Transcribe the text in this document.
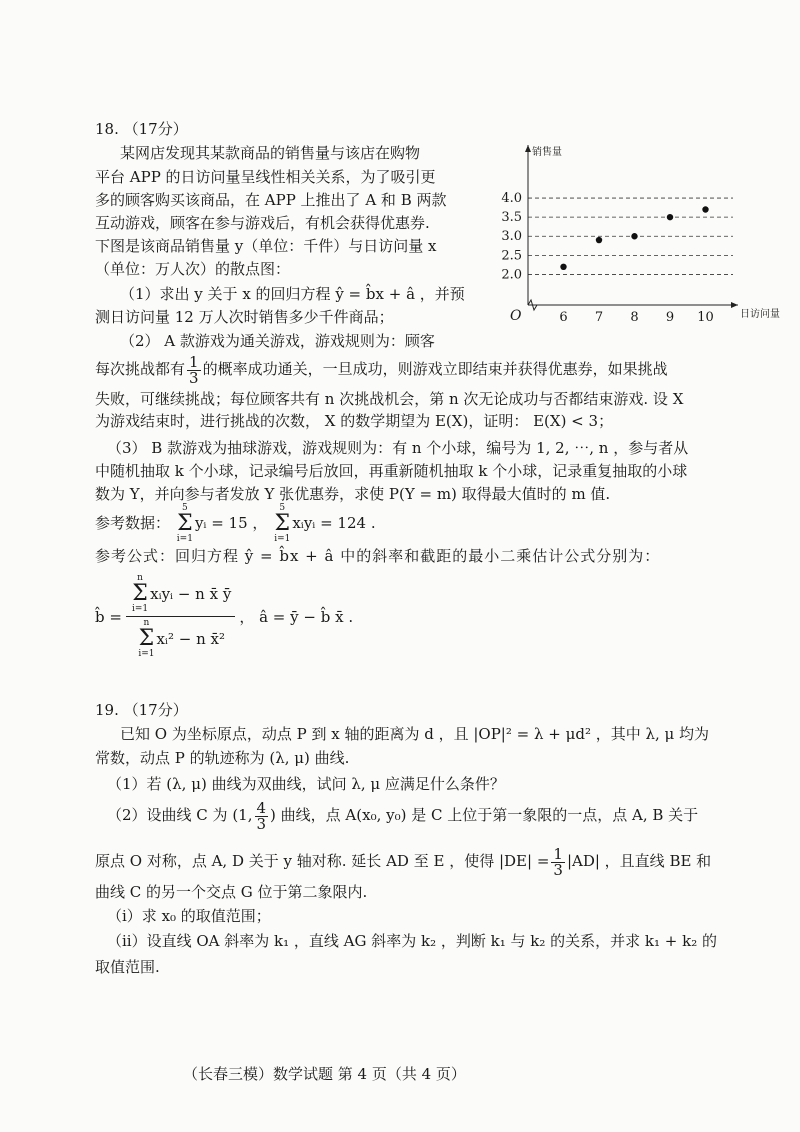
18. （17分）
某网店发现其某款商品的销售量与该店在购物
平台 APP 的日访问量呈线性相关关系，为了吸引更
多的顾客购买该商品，在 APP 上推出了 A 和 B 两款
互动游戏，顾客在参与游戏后，有机会获得优惠券.
下图是该商品销售量 y（单位：千件）与日访问量 x
（单位：万人次）的散点图：
（1）求出 y 关于 x 的回归方程 ŷ = b̂x + â ，并预
测日访问量 12 万人次时销售多少千件商品；
（2） A 款游戏为通关游戏，游戏规则为：顾客
每次挑战都有 $\frac{1}{3}$ 的概率成功通关，一旦成功，则游戏立即结束并获得优惠券，如果挑战
失败，可继续挑战；每位顾客共有 n 次挑战机会，第 n 次无论成功与否都结束游戏. 设 X
为游戏结束时，进行挑战的次数， X 的数学期望为 E(X)，证明： E(X) < 3；
（3） B 款游戏为抽球游戏，游戏规则为：有 n 个小球，编号为 1, 2, ⋯, n ，参与者从
中随机抽取 k 个小球，记录编号后放回，再重新随机抽取 k 个小球，记录重复抽取的小球
数为 Y，并向参与者发放 Y 张优惠券，求使 P(Y = m) 取得最大值时的 m 值.
参考数据：
5
Σ
i=1
yᵢ = 15 ，
5
Σ
i=1
xᵢyᵢ = 124 .
参考公式：回归方程 ŷ = b̂x + â 中的斜率和截距的最小二乘估计公式分别为：
b̂ =
n
Σ
i=1
xᵢyᵢ − n x̄ ȳ
n
Σ
i=1
xᵢ² − n x̄²
， â = ȳ − b̂ x̄ .
2.0
2.5
3.0
3.5
4.0
销售量
日访问量
O	6 7 8 9 10
19. （17分）
已知 O 为坐标原点，动点 P 到 x 轴的距离为 d ，且 |OP|² = λ + μd² ，其中 λ, μ 均为
常数，动点 P 的轨迹称为 (λ, μ) 曲线.
（1）若 (λ, μ) 曲线为双曲线，试问 λ, μ 应满足什么条件？
（2）设曲线 C 为 (1, $\frac{4}{3}$ ) 曲线，点 A(x₀, y₀) 是 C 上位于第一象限的一点，点 A, B 关于
原点 O 对称，点 A, D 关于 y 轴对称. 延长 AD 至 E ，使得 $|DE| = \frac{1}{3} |AD|$ ，且直线 BE 和
曲线 C 的另一个交点 G 位于第二象限内.
（i）求 x₀ 的取值范围；
（ii）设直线 OA 斜率为 k₁ ，直线 AG 斜率为 k₂ ，判断 k₁ 与 k₂ 的关系，并求 k₁ + k₂ 的
取值范围.
（长春三模）数学试题 第 4 页（共 4 页）
